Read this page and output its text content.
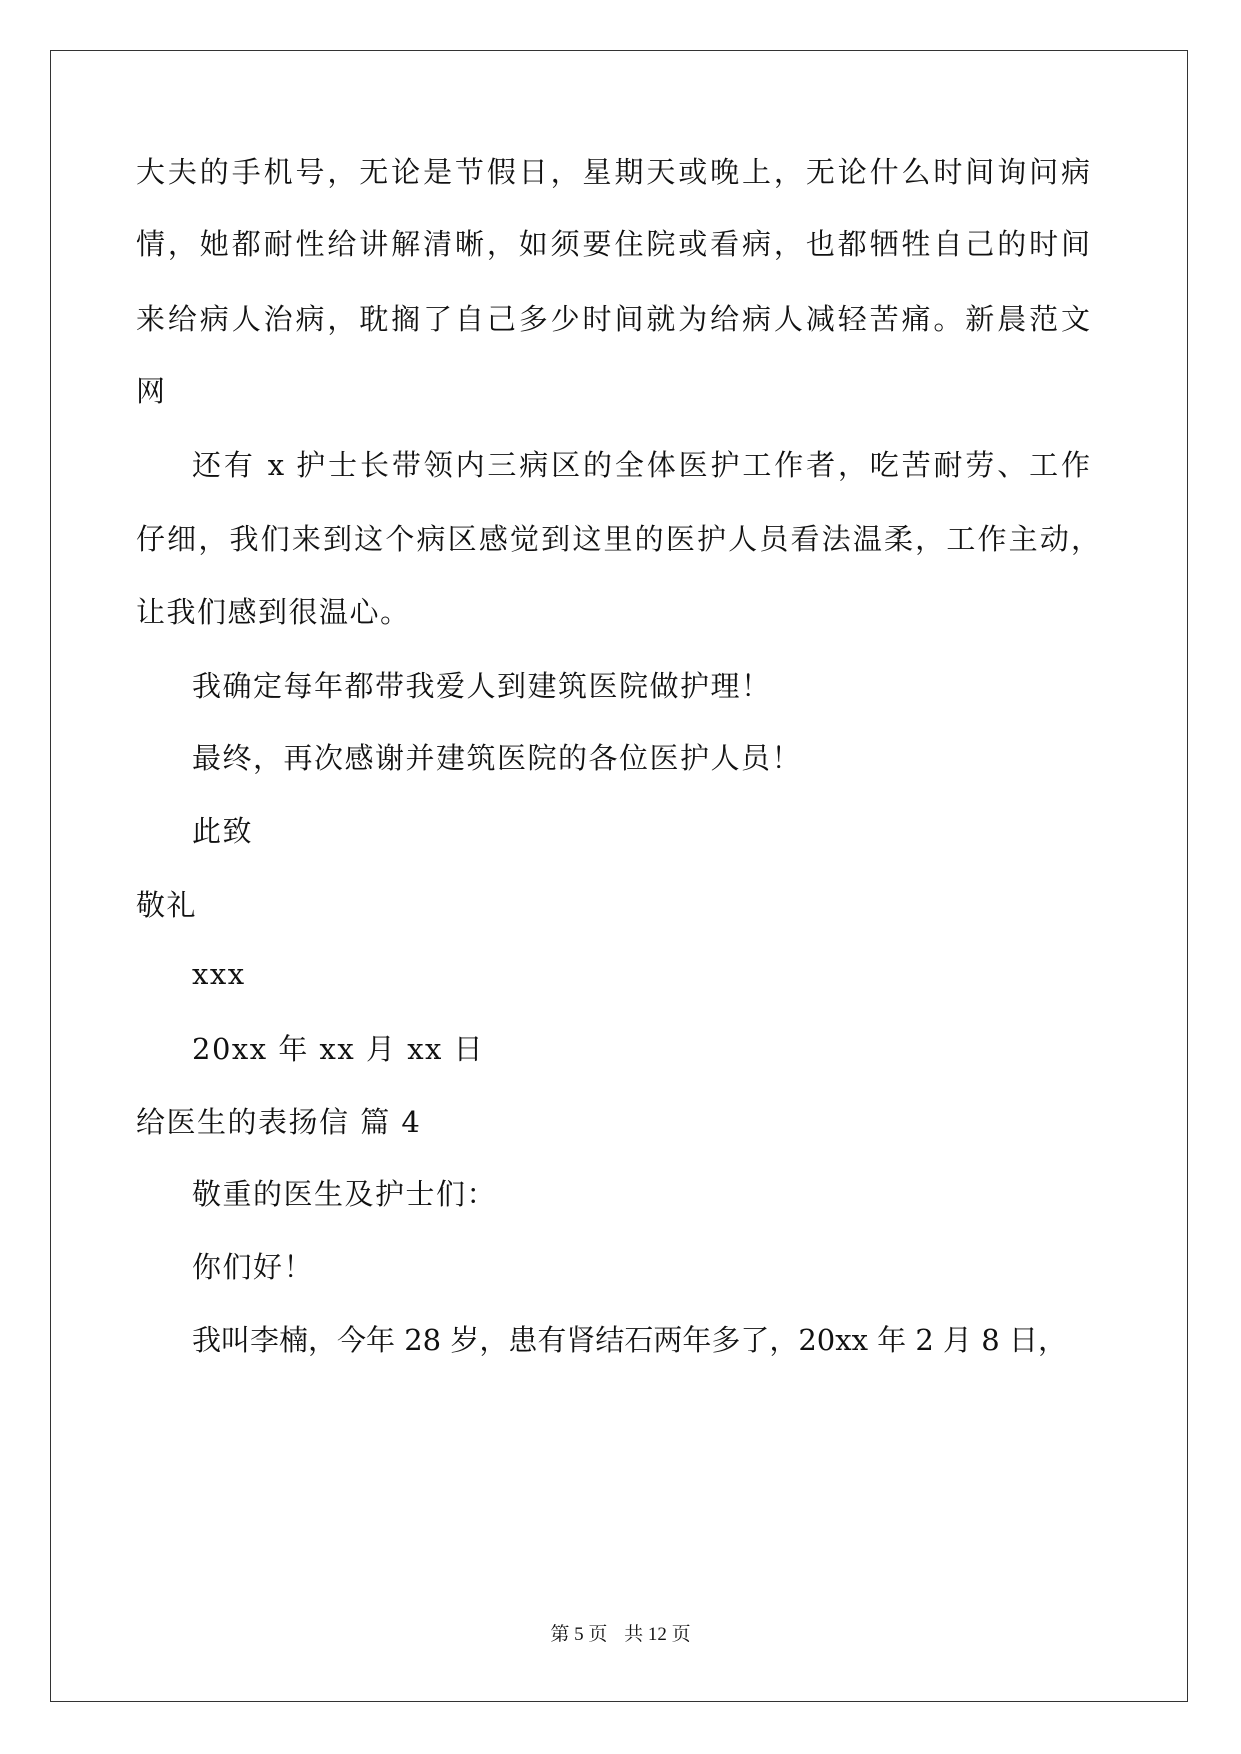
大夫的手机号，无论是节假日，星期天或晚上，无论什么时间询问病
情，她都耐性给讲解清晰，如须要住院或看病，也都牺牲自己的时间
来给病人治病，耽搁了自己多少时间就为给病人减轻苦痛。新晨范文
网
还有 x 护士长带领内三病区的全体医护工作者，吃苦耐劳、工作
仔细，我们来到这个病区感觉到这里的医护人员看法温柔，工作主动，
让我们感到很温心。
我确定每年都带我爱人到建筑医院做护理！
最终，再次感谢并建筑医院的各位医护人员！
此致
敬礼
xxx
20xx 年 xx 月 xx 日
给医生的表扬信 篇 4
敬重的医生及护士们：
你们好！
我叫李楠，今年 28 岁，患有肾结石两年多了，20xx 年 2 月 8 日，
第 5 页 共 12 页
